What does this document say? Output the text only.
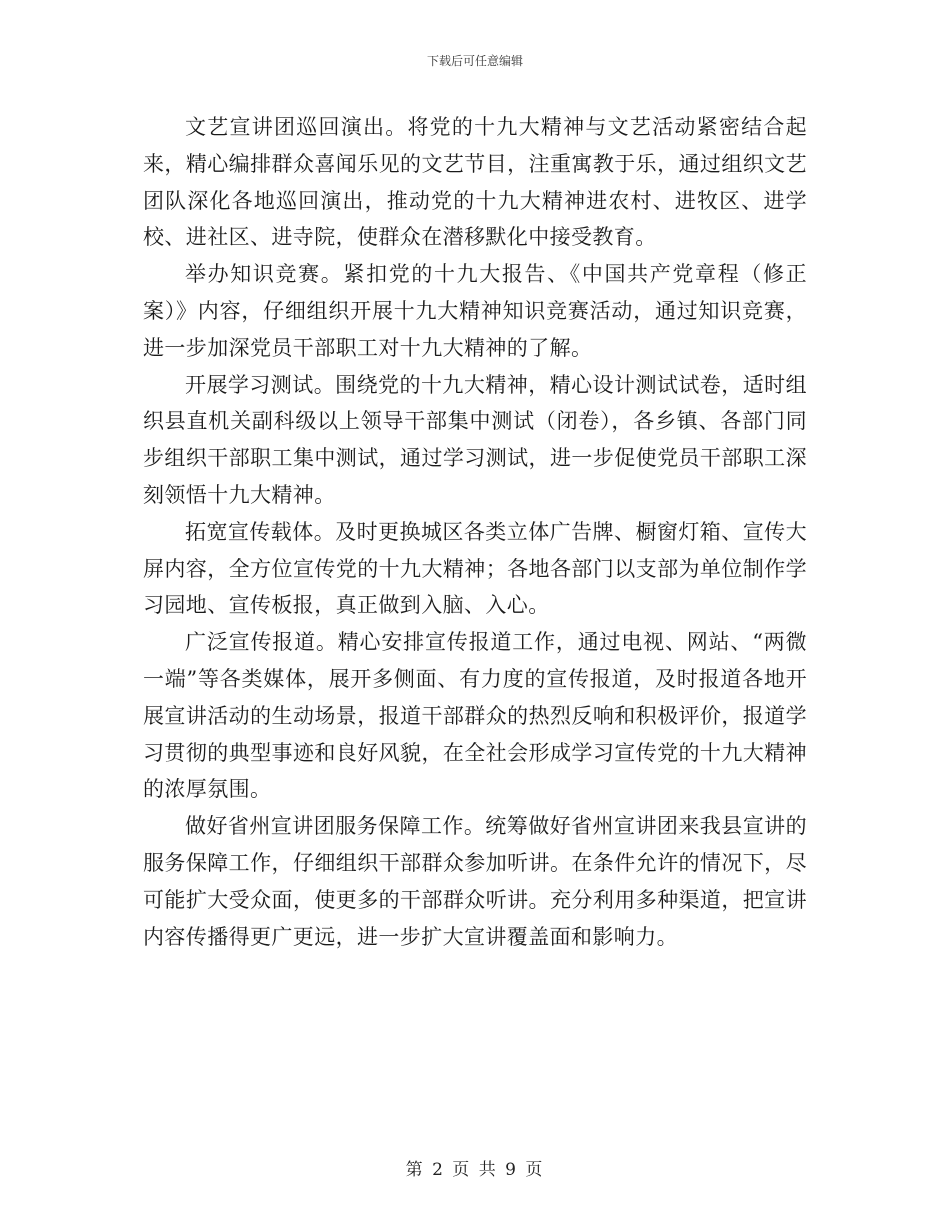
下载后可任意编辑

文艺宣讲团巡回演出。将党的十九大精神与文艺活动紧密结合起来，精心编排群众喜闻乐见的文艺节目，注重寓教于乐，通过组织文艺团队深化各地巡回演出，推动党的十九大精神进农村、进牧区、进学校、进社区、进寺院，使群众在潜移默化中接受教育。

举办知识竞赛。紧扣党的十九大报告、《中国共产党章程（修正案）》内容，仔细组织开展十九大精神知识竞赛活动，通过知识竞赛，进一步加深党员干部职工对十九大精神的了解。

开展学习测试。围绕党的十九大精神，精心设计测试试卷，适时组织县直机关副科级以上领导干部集中测试（闭卷），各乡镇、各部门同步组织干部职工集中测试，通过学习测试，进一步促使党员干部职工深刻领悟十九大精神。

拓宽宣传载体。及时更换城区各类立体广告牌、橱窗灯箱、宣传大屏内容，全方位宣传党的十九大精神；各地各部门以支部为单位制作学习园地、宣传板报，真正做到入脑、入心。

广泛宣传报道。精心安排宣传报道工作，通过电视、网站、“两微一端”等各类媒体，展开多侧面、有力度的宣传报道，及时报道各地开展宣讲活动的生动场景，报道干部群众的热烈反响和积极评价，报道学习贯彻的典型事迹和良好风貌，在全社会形成学习宣传党的十九大精神的浓厚氛围。

做好省州宣讲团服务保障工作。统筹做好省州宣讲团来我县宣讲的服务保障工作，仔细组织干部群众参加听讲。在条件允许的情况下，尽可能扩大受众面，使更多的干部群众听讲。充分利用多种渠道，把宣讲内容传播得更广更远，进一步扩大宣讲覆盖面和影响力。

第 2 页 共 9 页
